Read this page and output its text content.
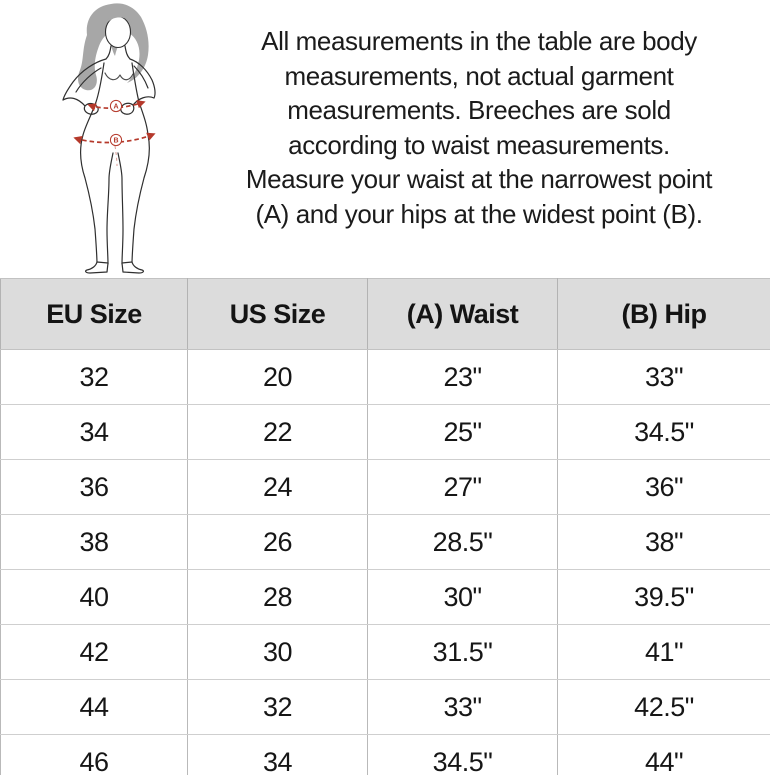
A
B
All measurements in the table are body
measurements, not actual garment
measurements. Breeches are sold
according to waist measurements.
Measure your waist at the narrowest point
(A) and your hips at the widest point (B).
EU Size	US Size	(A) Waist	(B) Hip
32	20	23"	33"
34	22	25"	34.5"
36	24	27"	36"
38	26	28.5"	38"
40	28	30"	39.5"
42	30	31.5"	41"
44	32	33"	42.5"
46	34	34.5"	44"
